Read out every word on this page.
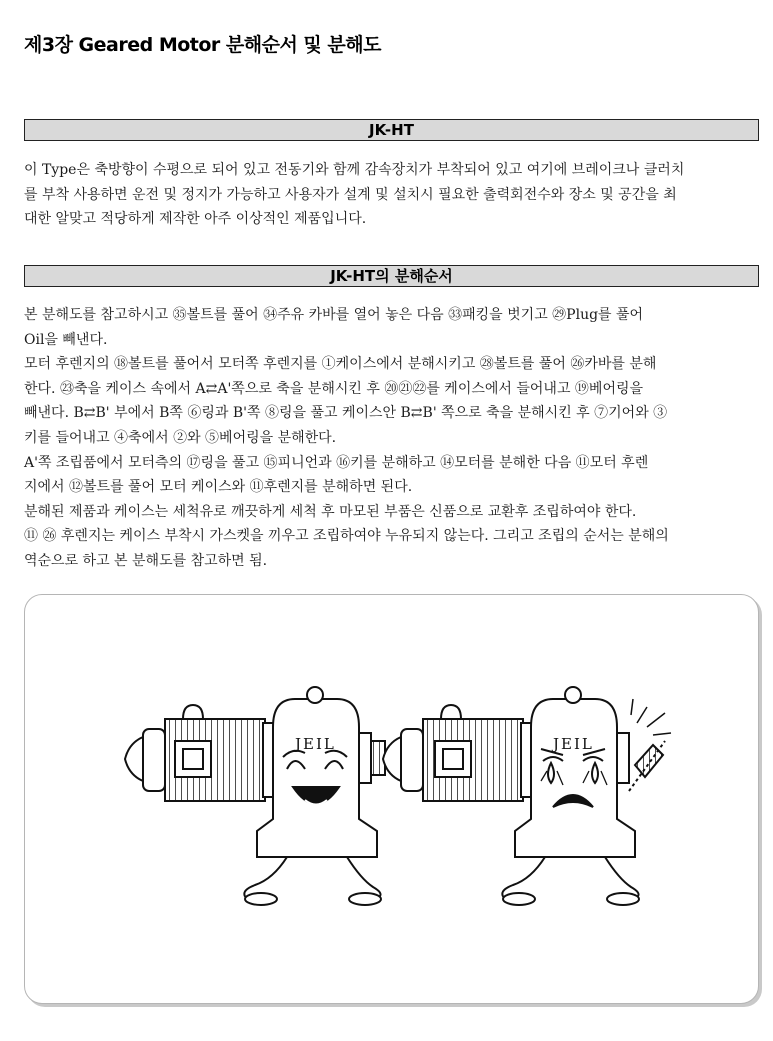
제3장 Geared Motor 분해순서 및 분해도
JK-HT
이 Type은 축방향이 수평으로 되어 있고 전동기와 함께 감속장치가 부착되어 있고 여기에 브레이크나 클러치
를 부착 사용하면 운전 및 정지가 가능하고 사용자가 설계 및 설치시 필요한 출력회전수와 장소 및 공간을 최
대한 알맞고 적당하게 제작한 아주 이상적인 제품입니다.
JK-HT의 분해순서
본 분해도를 참고하시고 ㉟볼트를 풀어 ㉞주유 카바를 열어 놓은 다음 ㉝패킹을 벗기고 ㉙Plug를 풀어
Oil을 빼낸다.
모터 후렌지의 ⑱볼트를 풀어서 모터쪽 후렌지를 ①케이스에서 분해시키고 ㉘볼트를 풀어 ㉖카바를 분해
한다. ㉓축을 케이스 속에서 A⇄A'쪽으로 축을 분해시킨 후 ⑳㉑㉒를 케이스에서 들어내고 ⑲베어링을
빼낸다. B⇄B' 부에서 B쪽 ⑥링과 B'쪽 ⑧링을 풀고 케이스안 B⇄B' 쪽으로 축을 분해시킨 후 ⑦기어와 ③
키를 들어내고 ④축에서 ②와 ⑤베어링을 분해한다.
A'쪽 조립품에서 모터측의 ⑰링을 풀고 ⑮피니언과 ⑯키를 분해하고 ⑭모터를 분해한 다음 ⑪모터 후렌
지에서 ⑫볼트를 풀어 모터 케이스와 ⑪후렌지를 분해하면 된다.
분해된 제품과 케이스는 세척유로 깨끗하게 세척 후 마모된 부품은 신품으로 교환후 조립하여야 한다.
⑪ ㉖ 후렌지는 케이스 부착시 가스켓을 끼우고 조립하여야 누유되지 않는다. 그리고 조립의 순서는 분해의
역순으로 하고 본 분해도를 참고하면 됨.
JEIL	JEIL
